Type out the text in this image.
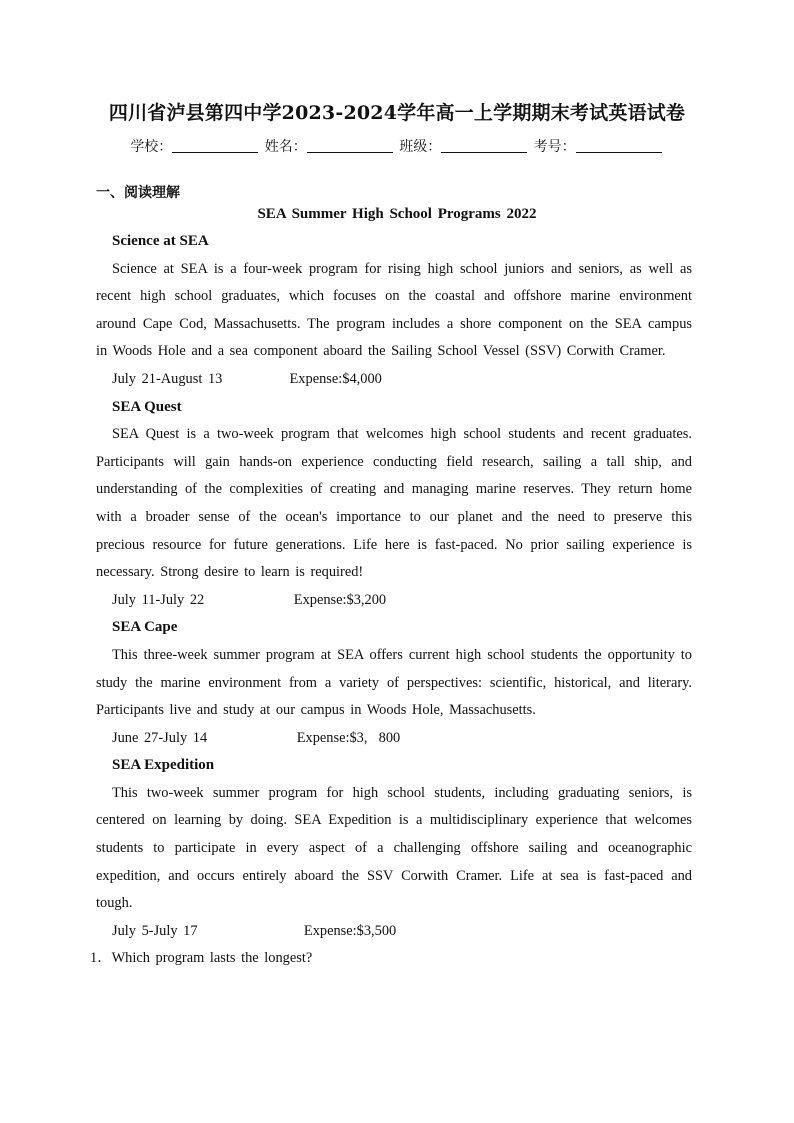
四川省泸县第四中学2023-2024学年高一上学期期末考试英语试卷
学校：	姓名：	班级：	考号：
一、阅读理解
SEA Summer High School Programs 2022

Science at SEA

Science at SEA is a four-week program for rising high school juniors and seniors, as well as recent high school graduates, which focuses on the coastal and offshore marine environment around Cape Cod, Massachusetts. The program includes a shore component on the SEA campus in Woods Hole and a sea component aboard the Sailing School Vessel (SSV) Corwith Cramer.

July 21-August 13	Expense:$4,000

SEA Quest

SEA Quest is a two-week program that welcomes high school students and recent graduates. Participants will gain hands-on experience conducting field research, sailing a tall ship, and understanding of the complexities of creating and managing marine reserves. They return home with a broader sense of the ocean's importance to our planet and the need to preserve this precious resource for future generations. Life here is fast-paced. No prior sailing experience is necessary. Strong desire to learn is required!

July 11-July 22	Expense:$3,200

SEA Cape

This three-week summer program at SEA offers current high school students the opportunity to study the marine environment from a variety of perspectives: scientific, historical, and literary. Participants live and study at our campus in Woods Hole, Massachusetts.

June 27-July 14	Expense:$3,  800

SEA Expedition

This two-week summer program for high school students, including graduating seniors, is centered on learning by doing. SEA Expedition is a multidisciplinary experience that welcomes students to participate in every aspect of a challenging offshore sailing and oceanographic expedition, and occurs entirely aboard the SSV Corwith Cramer. Life at sea is fast-paced and tough.

July 5-July 17	Expense:$3,500

1．Which program lasts the longest?
